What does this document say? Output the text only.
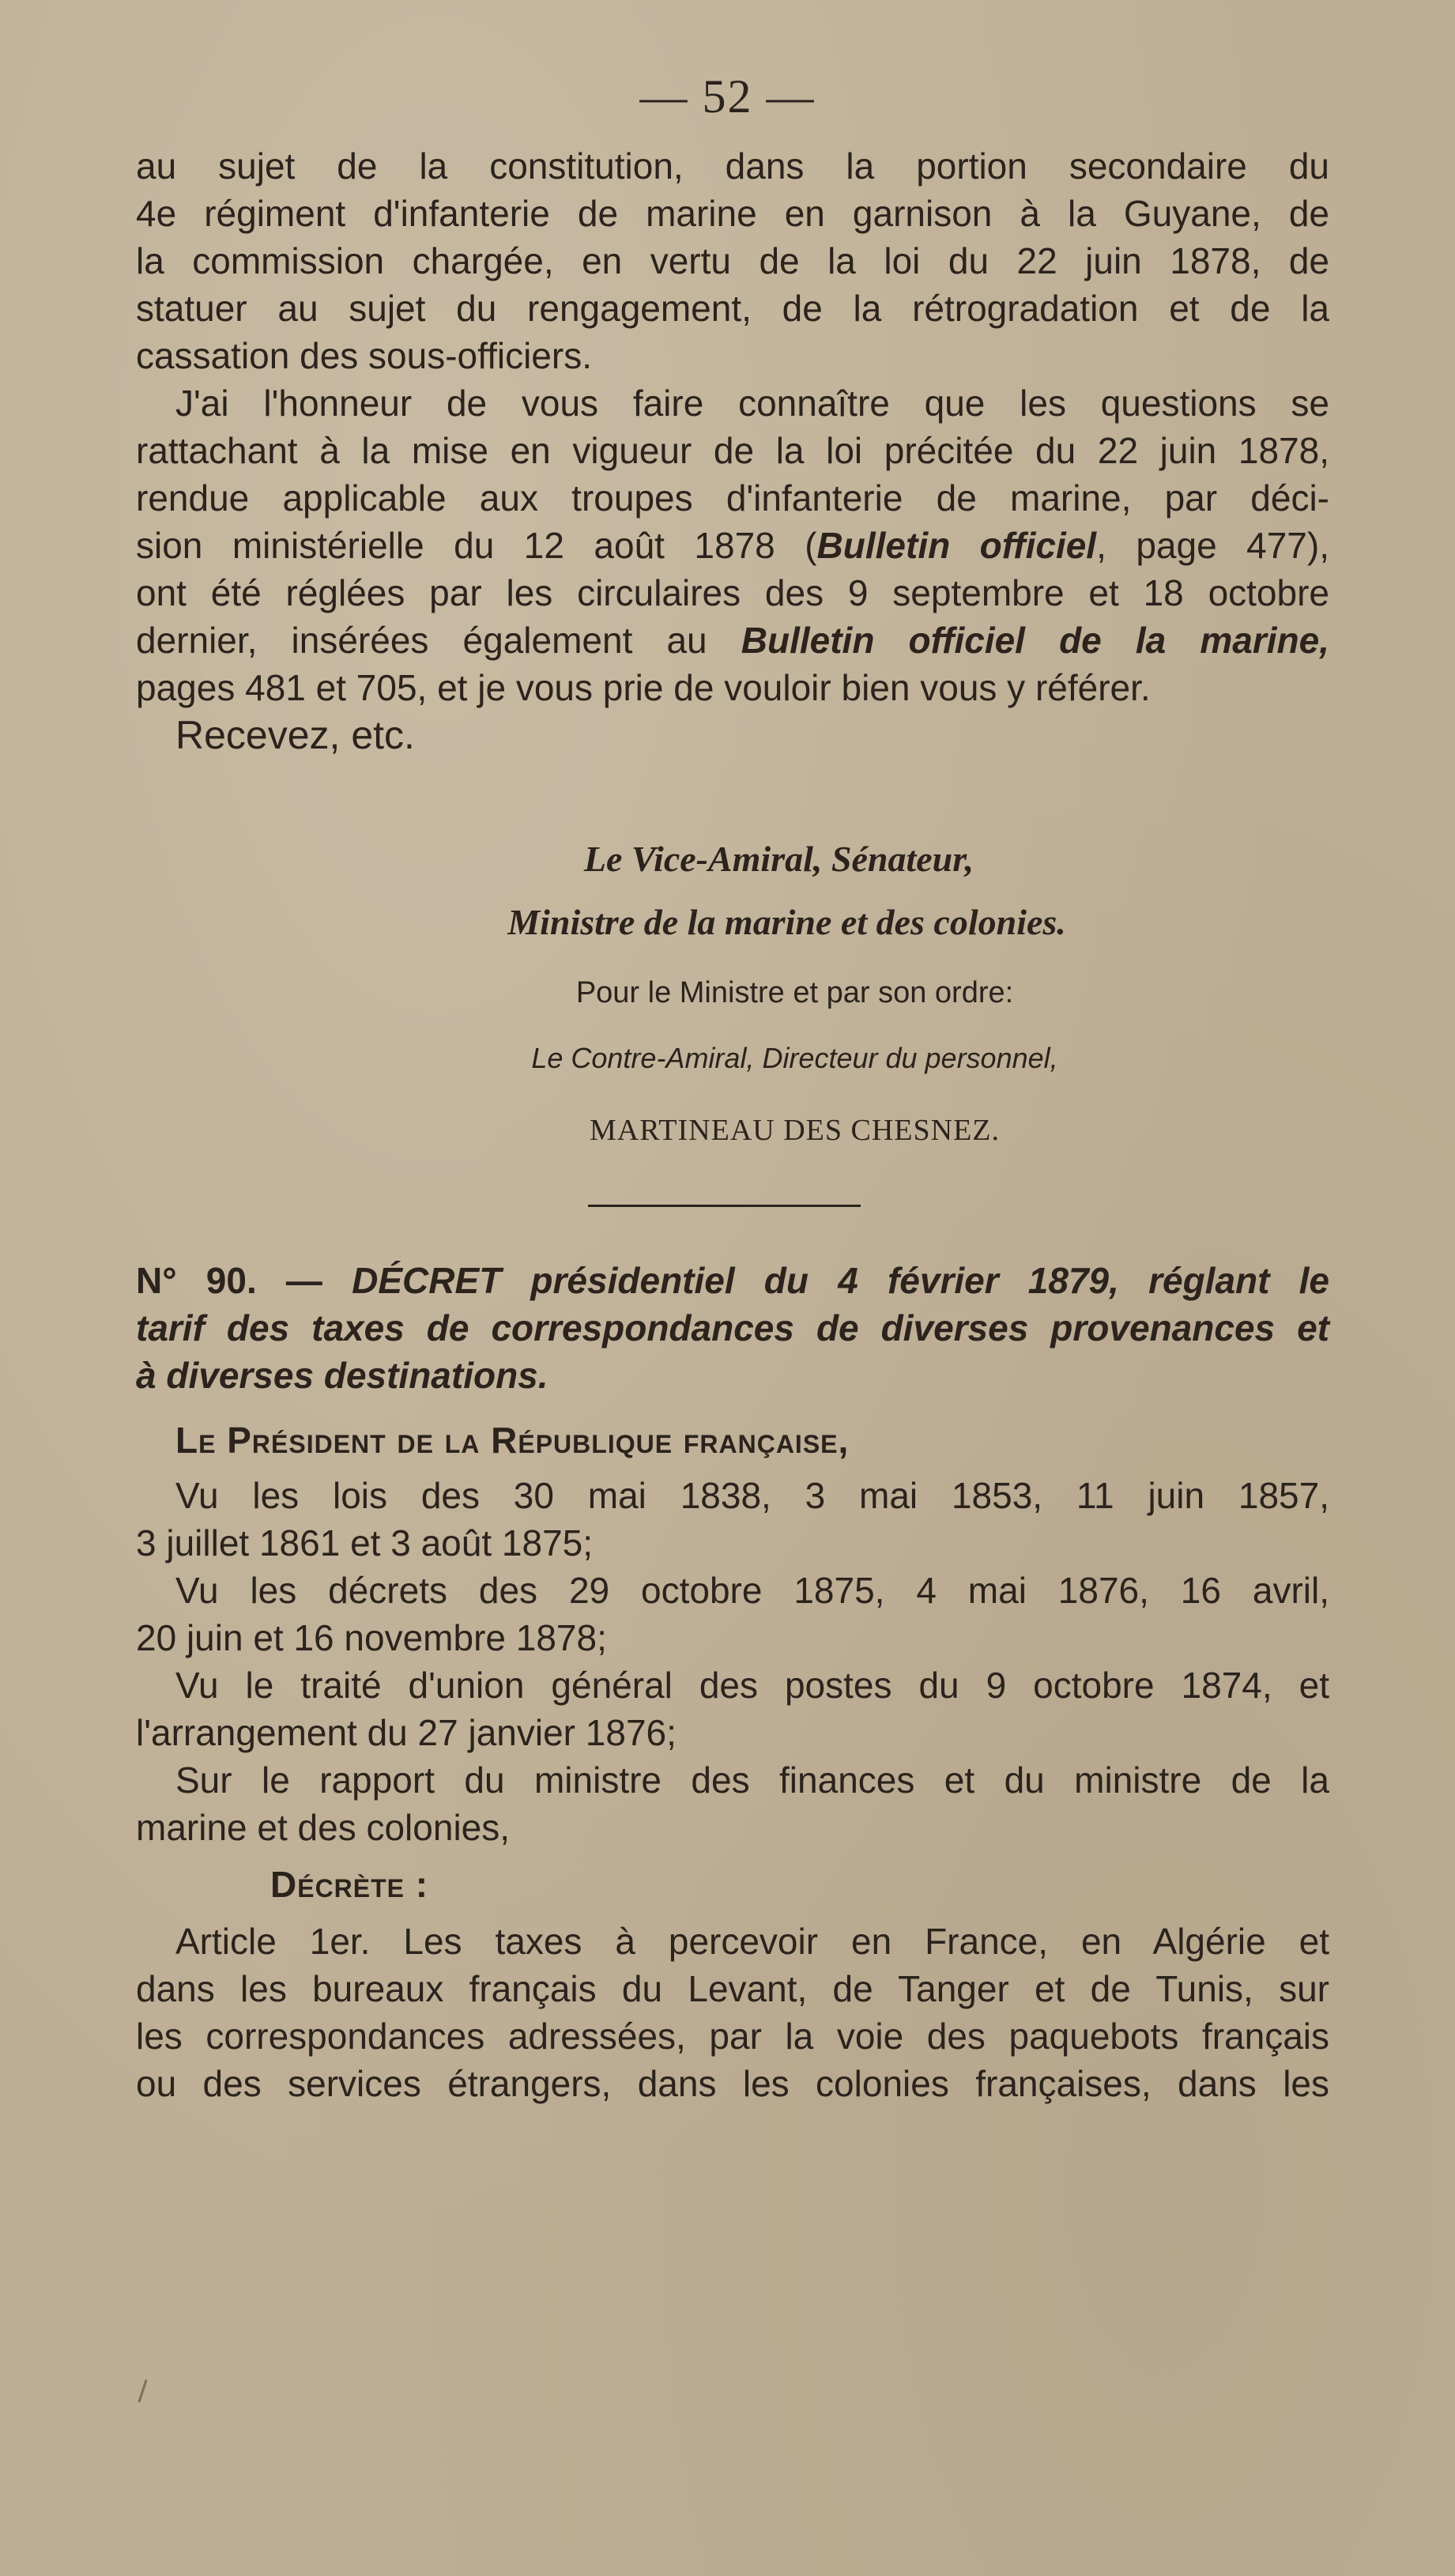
— 52 —
au sujet de la constitution, dans la portion secondaire du
4e régiment d'infanterie de marine en garnison à la Guyane, de
la commission chargée, en vertu de la loi du 22 juin 1878, de
statuer au sujet du rengagement, de la rétrogradation et de la
cassation des sous-officiers.
J'ai l'honneur de vous faire connaître que les questions se
rattachant à la mise en vigueur de la loi précitée du 22 juin 1878,
rendue applicable aux troupes d'infanterie de marine, par déci-
sion ministérielle du 12 août 1878 (Bulletin officiel, page 477),
ont été réglées par les circulaires des 9 septembre et 18 octobre
dernier, insérées également au Bulletin officiel de la marine,
pages 481 et 705, et je vous prie de vouloir bien vous y référer.
Recevez, etc.
Le Vice-Amiral, Sénateur,
Ministre de la marine et des colonies.
Pour le Ministre et par son ordre:
Le Contre-Amiral, Directeur du personnel,
MARTINEAU DES CHESNEZ.
N° 90. — DÉCRET présidentiel du 4 février 1879, réglant le
tarif des taxes de correspondances de diverses provenances et
à diverses destinations.
Le Président de la République française,
Vu les lois des 30 mai 1838, 3 mai 1853, 11 juin 1857,
3 juillet 1861 et 3 août 1875;
Vu les décrets des 29 octobre 1875, 4 mai 1876, 16 avril,
20 juin et 16 novembre 1878;
Vu le traité d'union général des postes du 9 octobre 1874, et
l'arrangement du 27 janvier 1876;
Sur le rapport du ministre des finances et du ministre de la
marine et des colonies,
Décrète :
Article 1er. Les taxes à percevoir en France, en Algérie et
dans les bureaux français du Levant, de Tanger et de Tunis, sur
les correspondances adressées, par la voie des paquebots français
ou des services étrangers, dans les colonies françaises, dans les
